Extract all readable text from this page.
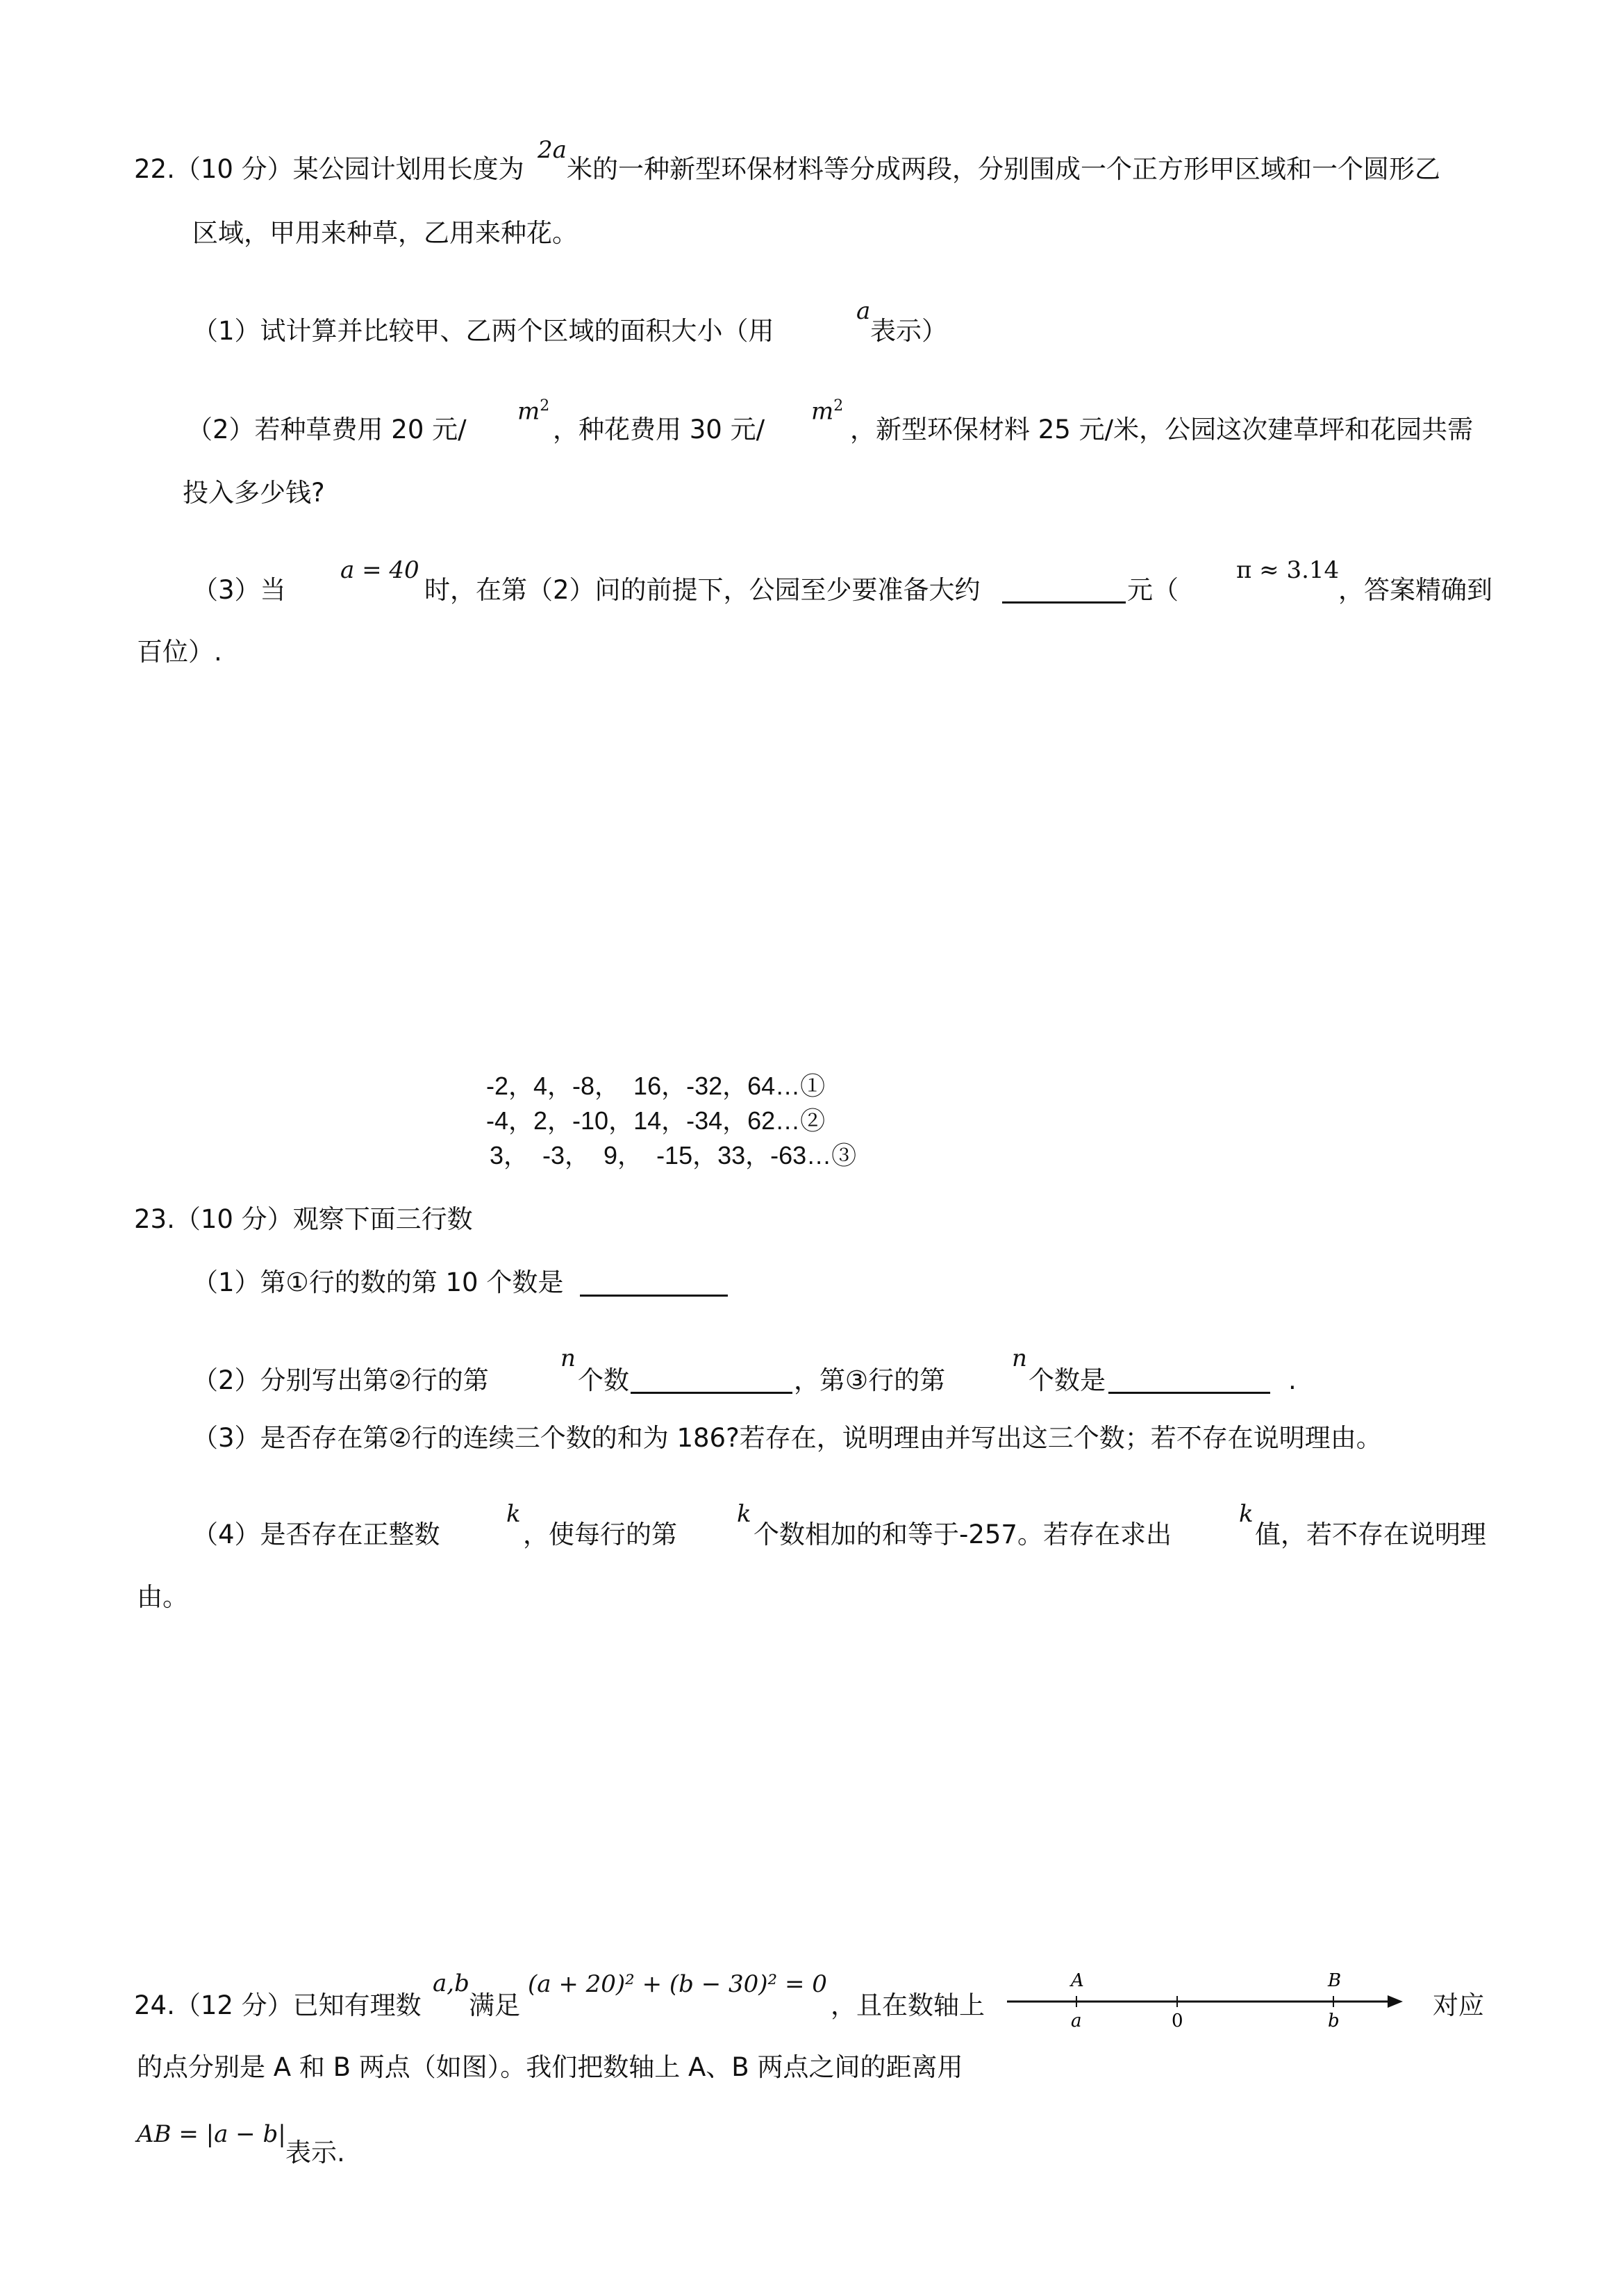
22.（10 分）某公园计划用长度为
2a
米的一种新型环保材料等分成两段，分别围成一个正方形甲区域和一个圆形乙
区域，甲用来种草，乙用来种花。
（1）试计算并比较甲、乙两个区域的面积大小（用
a
表示）
（2）若种草费用 20 元/
$m^2$
，种花费用 30 元/
$m^2$
，新型环保材料 25 元/米，公园这次建草坪和花园共需
投入多少钱?
（3）当
a = 40
时，在第（2）问的前提下，公园至少要准备大约	元（
π ≈ 3.14
，答案精确到
百位）.
-2，4，-8，  16，-32，64…①
-4，2，-10，14，-34，62…②
3，  -3，  9，  -15，33，-63…③
23.（10 分）观察下面三行数
（1）第①行的数的第 10 个数是
（2）分别写出第②行的第
n
个数	，第③行的第
n
个数是	.
（3）是否存在第②行的连续三个数的和为 186?若存在，说明理由并写出这三个数；若不存在说明理由。
（4）是否存在正整数
k
，使每行的第
k
个数相加的和等于-257。若存在求出
k
值，若不存在说明理
由。
24.（12 分）已知有理数
a,b
满足
(a + 20)² + (b − 30)² = 0
，且在数轴上
A	B
a	0	b
对应
的点分别是 A 和 B 两点（如图）。我们把数轴上 A、B 两点之间的距离用
AB = |a − b|
表示.
